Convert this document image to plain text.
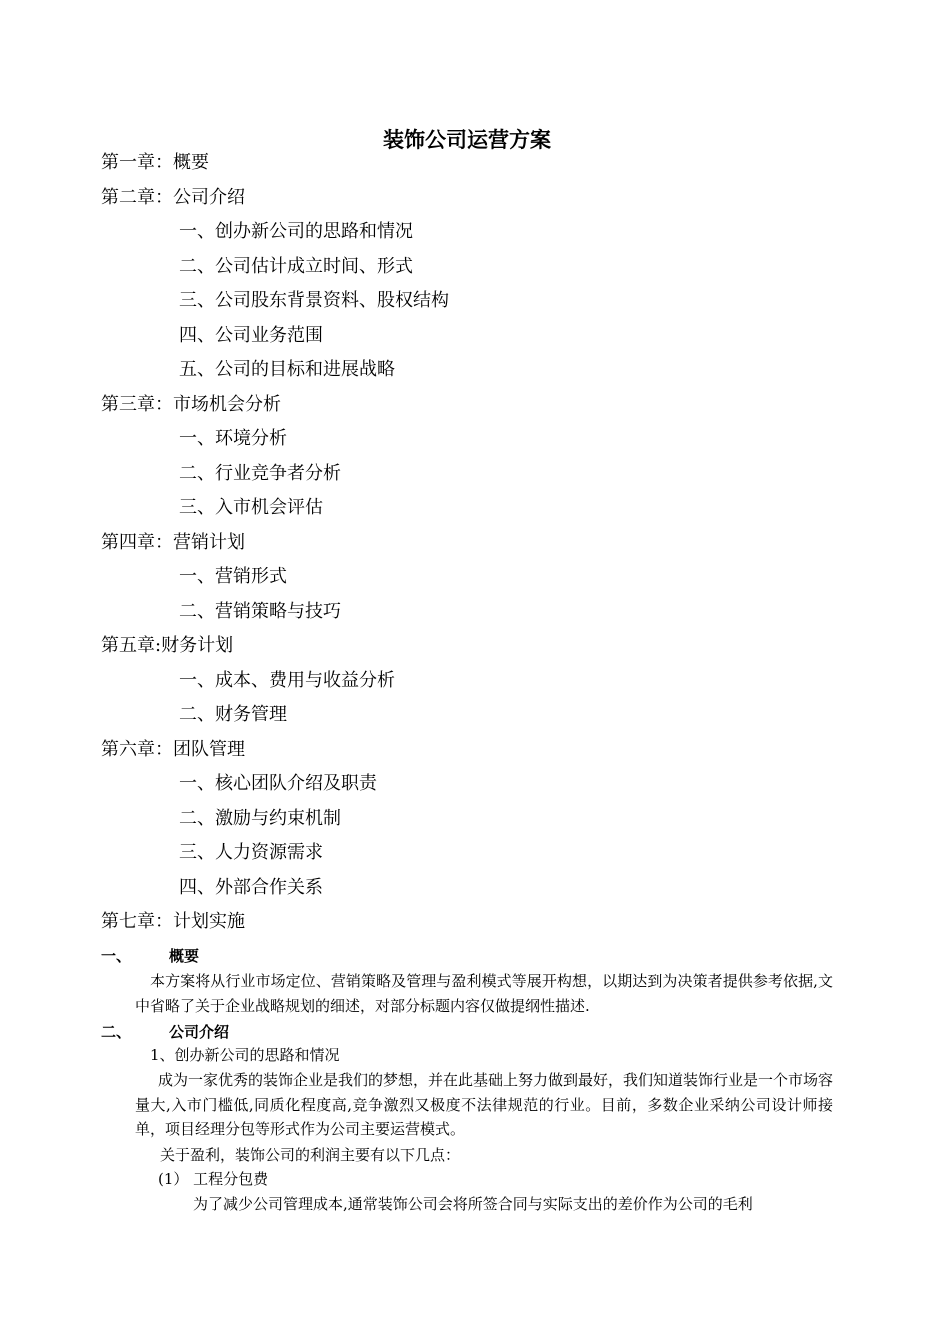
装饰公司运营方案
第一章：概要
第二章：公司介绍
一、创办新公司的思路和情况
二、公司估计成立时间、形式
三、公司股东背景资料、股权结构
四、公司业务范围
五、公司的目标和进展战略
第三章：市场机会分析
一、环境分析
二、行业竞争者分析
三、入市机会评估
第四章：营销计划
一、营销形式
二、营销策略与技巧
第五章:财务计划
一、成本、费用与收益分析
二、财务管理
第六章：团队管理
一、核心团队介绍及职责
二、激励与约束机制
三、人力资源需求
四、外部合作关系
第七章：计划实施
一、	概要
本方案将从行业市场定位、营销策略及管理与盈利模式等展开构想，以期达到为决策者提供参考依据,文中省略了关于企业战略规划的细述，对部分标题内容仅做提纲性描述.
二、	公司介绍
1、创办新公司的思路和情况
成为一家优秀的装饰企业是我们的梦想，并在此基础上努力做到最好，我们知道装饰行业是一个市场容量大,入市门槛低,同质化程度高,竞争激烈又极度不法律规范的行业。目前，多数企业采纳公司设计师接单，项目经理分包等形式作为公司主要运营模式。
关于盈利，装饰公司的利润主要有以下几点：
(1） 工程分包费
为了减少公司管理成本,通常装饰公司会将所签合同与实际支出的差价作为公司的毛利
